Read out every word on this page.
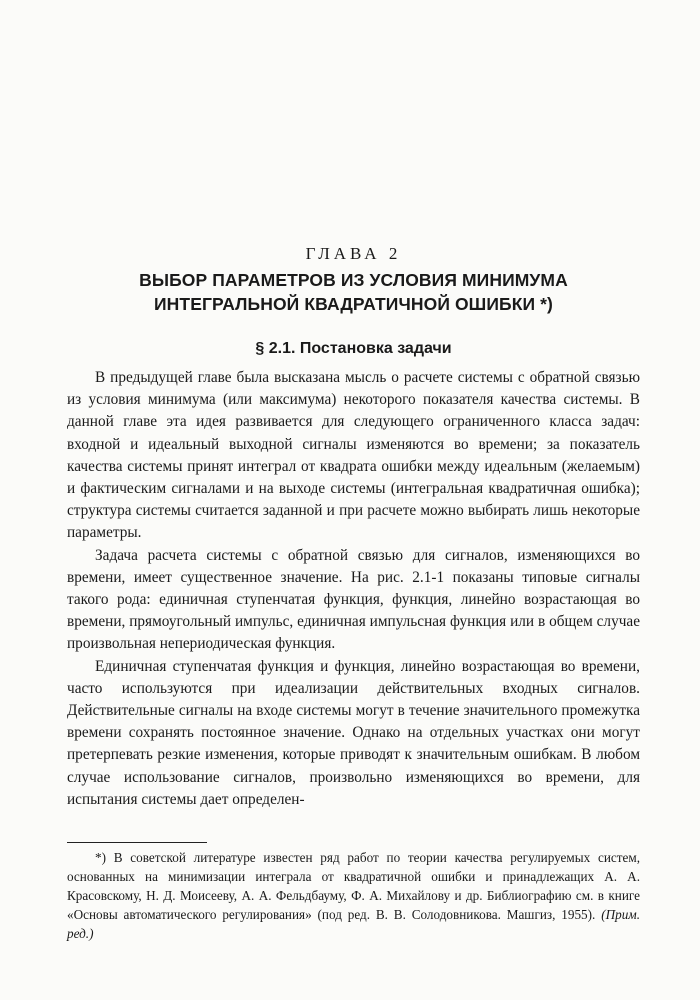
ГЛАВА 2
ВЫБОР ПАРАМЕТРОВ ИЗ УСЛОВИЯ МИНИМУМА ИНТЕГРАЛЬНОЙ КВАДРАТИЧНОЙ ОШИБКИ *)
§ 2.1. Постановка задачи

В предыдущей главе была высказана мысль о расчете системы с обратной связью из условия минимума (или максимума) некоторого показателя качества системы. В данной главе эта идея развивается для следующего ограниченного класса задач: входной и идеальный выходной сигналы изменяются во времени; за показатель качества системы принят интеграл от квадрата ошибки между идеальным (желаемым) и фактическим сигналами и на выходе системы (интегральная квадратичная ошибка); структура системы считается заданной и при расчете можно выбирать лишь некоторые параметры.

Задача расчета системы с обратной связью для сигналов, изменяющихся во времени, имеет существенное значение. На рис. 2.1-1 показаны типовые сигналы такого рода: единичная ступенчатая функция, функция, линейно возрастающая во времени, прямоугольный импульс, единичная импульсная функция или в общем случае произвольная непериодическая функция.

Единичная ступенчатая функция и функция, линейно возрастающая во времени, часто используются при идеализации действительных входных сигналов. Действительные сигналы на входе системы могут в течение значительного промежутка времени сохранять постоянное значение. Однако на отдельных участках они могут претерпевать резкие изменения, которые приводят к значительным ошибкам. В любом случае использование сигналов, произвольно изменяющихся во времени, для испытания системы дает определен-

*) В советской литературе известен ряд работ по теории качества регулируемых систем, основанных на минимизации интеграла от квадратичной ошибки и принадлежащих А. А. Красовскому, Н. Д. Моисееву, А. А. Фельдбауму, Ф. А. Михайлову и др. Библиографию см. в книге «Основы автоматического регулирования» (под ред. В. В. Солодовникова. Машгиз, 1955). (Прим. ред.)
